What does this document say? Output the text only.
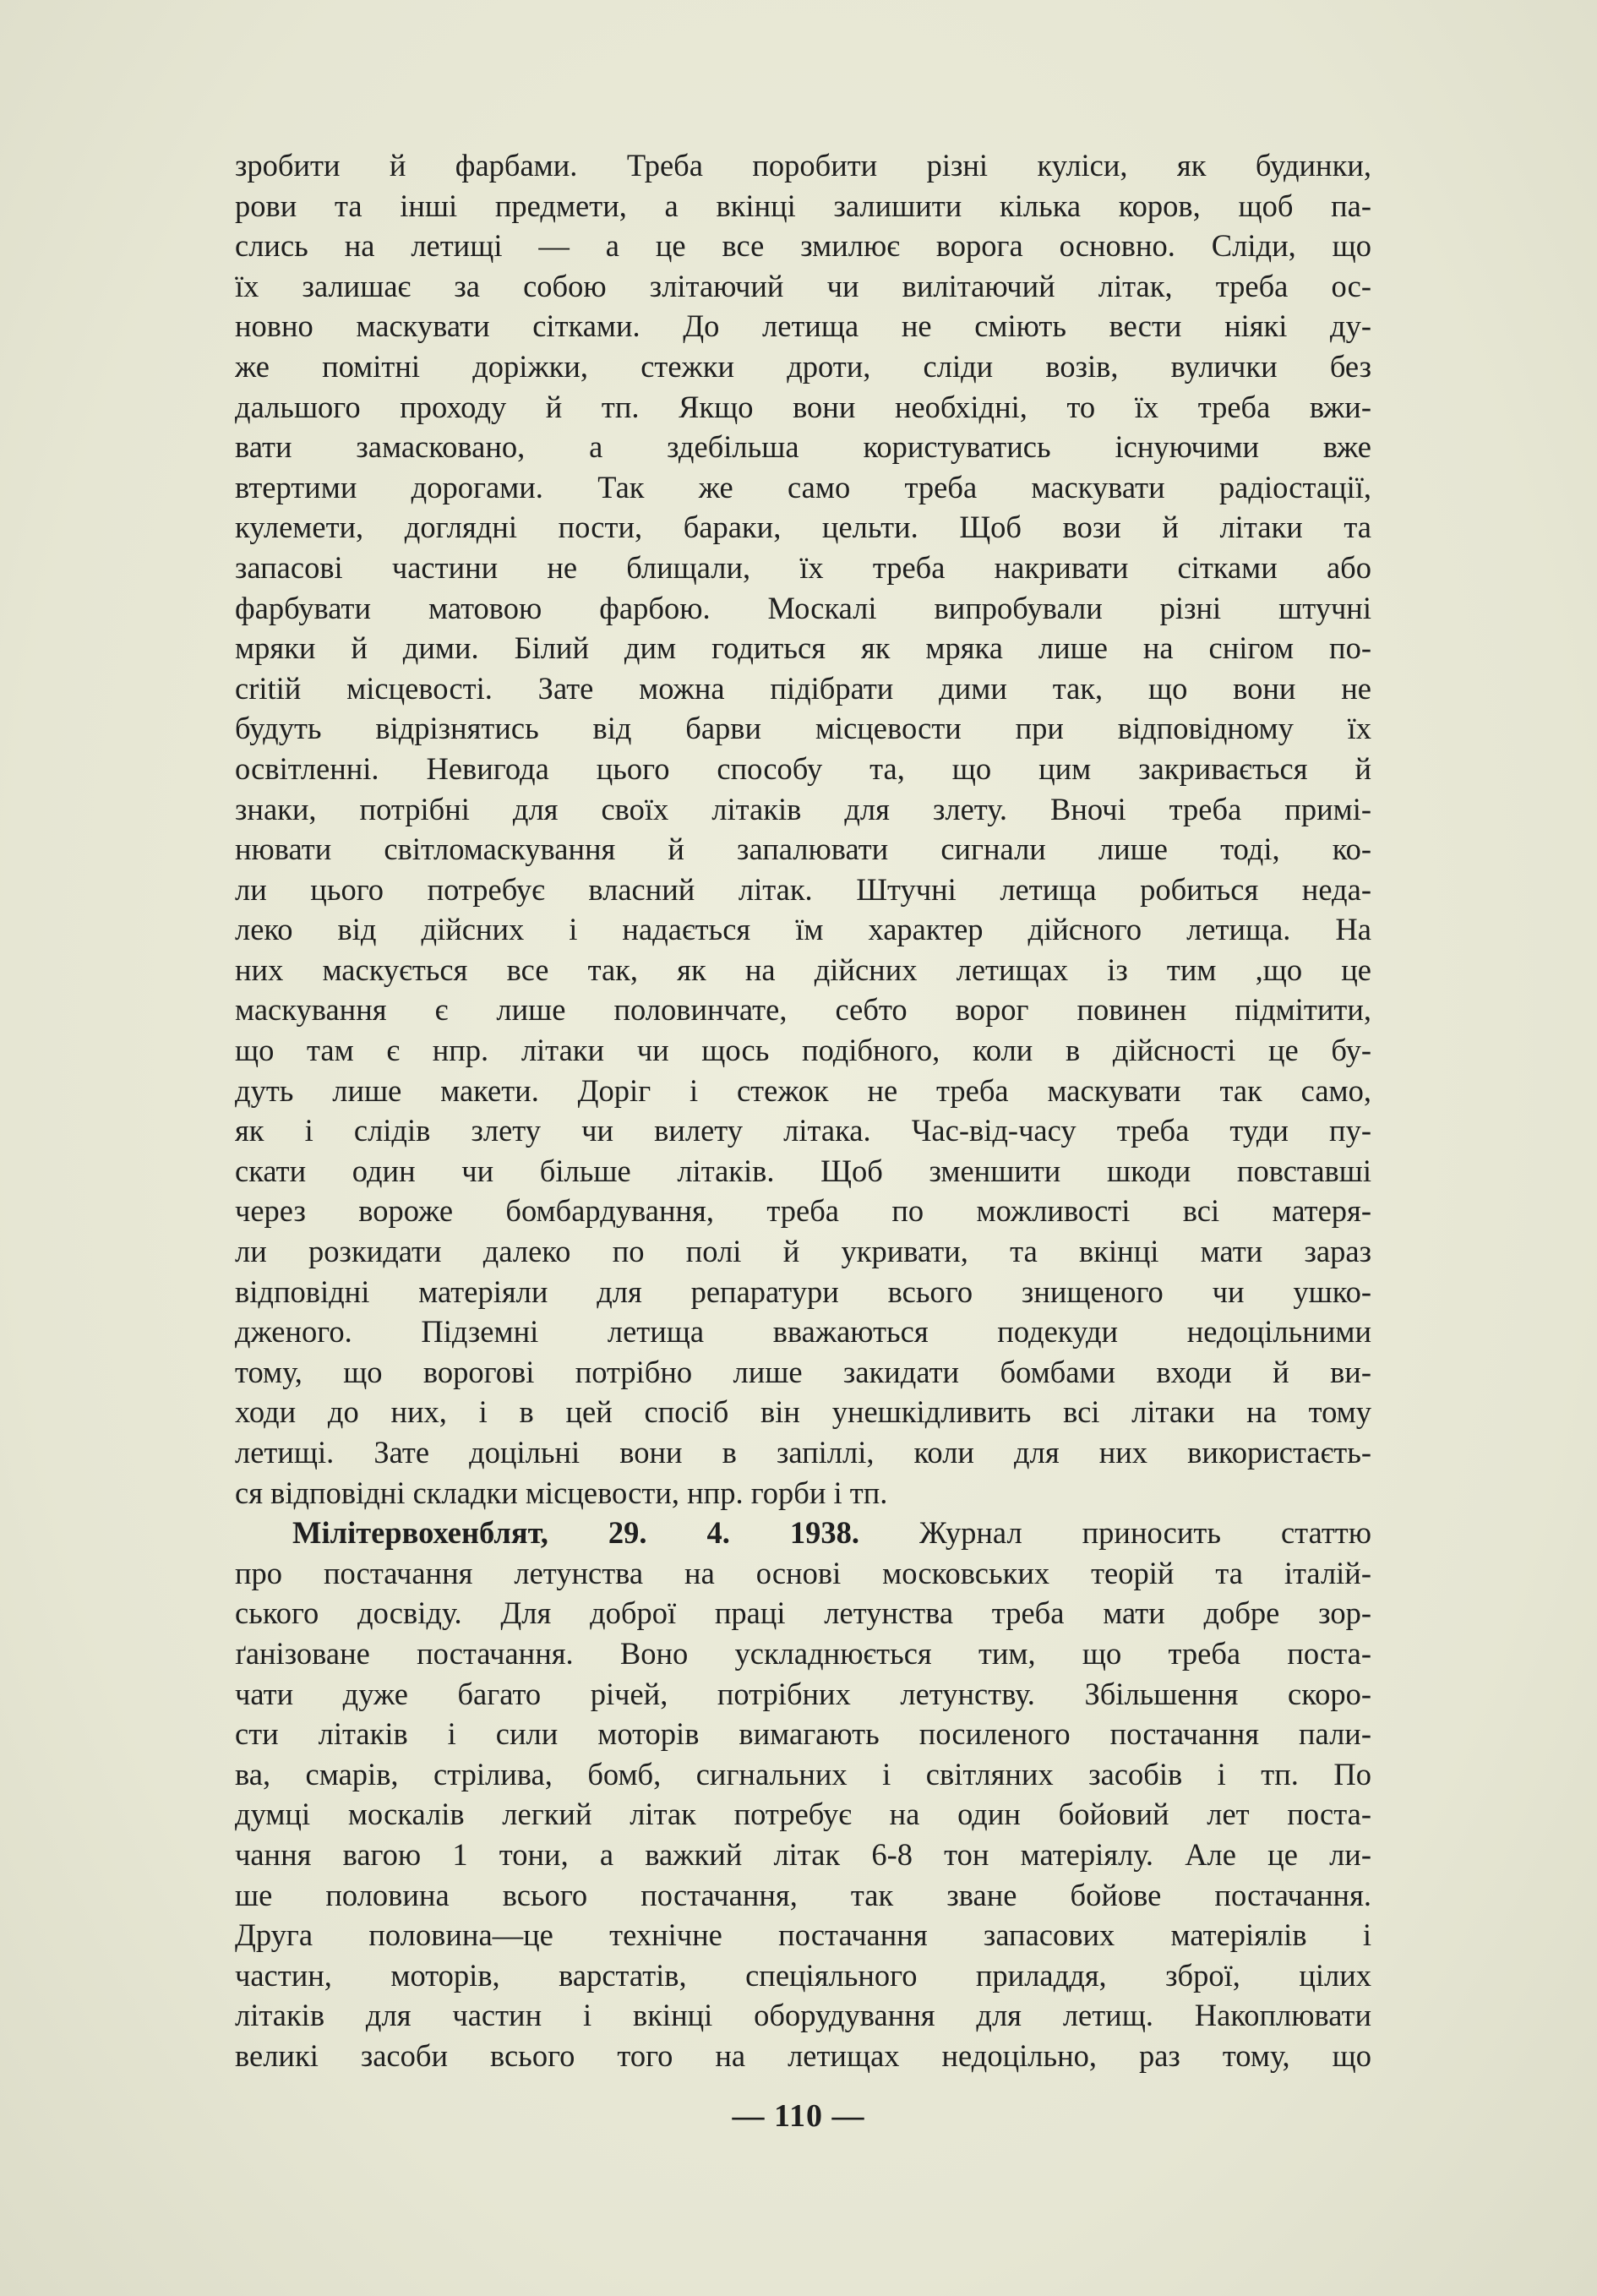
зробити й фарбами. Треба поробити різні куліси, як будинки,
рови та інші предмети, а вкінці залишити кілька коров, щоб па-
слись на летищі — а це все змилює ворога основно. Сліди, що
їх залишає за собою злітаючий чи вилітаючий літак, треба ос-
новно маскувати сітками. До летища не сміють вести ніякі ду-
же помітні доріжки, стежки дроти, сліди возів, вулички без
дальшого проходу й тп. Якщо вони необхідні, то їх треба вжи-
вати замасковано, а здебільша користуватись існуючими вже
втертими дорогами. Так же само треба маскувати радіостації,
кулемети, доглядні пости, бараки, цельти. Щоб вози й літаки та
запасові частини не блищали, їх треба накривати сітками або
фарбувати матовою фарбою. Москалі випробували різні штучні
мряки й дими. Білий дим годиться як мряка лише на снігом по-
critій місцевості. Зате можна підібрати дими так, що вони не
будуть відрізнятись від барви місцевости при відповідному їх
освітленні. Невигода цього способу та, що цим закривається й
знаки, потрібні для своїх літаків для злету. Вночі треба примі-
нювати світломаскування й запалювати сигнали лише тоді, ко-
ли цього потребує власний літак. Штучні летища робиться неда-
леко від дійсних і надається їм характер дійсного летища. На
них маскується все так, як на дійсних летищах із тим ,що це
маскування є лише половинчате, себто ворог повинен підмітити,
що там є нпр. літаки чи щось подібного, коли в дійсності це бу-
дуть лише макети. Доріг і стежок не треба маскувати так само,
як і слідів злету чи вилету літака. Час-від-часу треба туди пу-
скати один чи більше літаків. Щоб зменшити шкоди повставші
через вороже бомбардування, треба по можливості всі матеря-
ли розкидати далеко по полі й укривати, та вкінці мати зараз
відповідні матеріяли для репаратури всього знищеного чи ушко-
дженого. Підземні летища вважаються подекуди недоцільними
тому, що ворогові потрібно лише закидати бомбами входи й ви-
ходи до них, і в цей спосіб він унешкідливить всі літаки на тому
летищі. Зате доцільні вони в запіллі, коли для них використаєть-
ся відповідні складки місцевости, нпр. горби і тп.
Мілітервохенблят, 29. 4. 1938. Журнал приносить статтю
про постачання летунства на основі московських теорій та італій-
ського досвіду. Для доброї праці летунства треба мати добре зор-
ґанізоване постачання. Воно ускладнюється тим, що треба поста-
чати дуже багато річей, потрібних летунству. Збільшення скоро-
сти літаків і сили моторів вимагають посиленого постачання пали-
ва, смарів, стрілива, бомб, сигнальних і світляних засобів і тп. По
думці москалів легкий літак потребує на один бойовий лет поста-
чання вагою 1 тони, а важкий літак 6-8 тон матеріялу. Але це ли-
ше половина всього постачання, так зване бойове постачання.
Друга половина—це технічне постачання запасових матеріялів і
частин, моторів, варстатів, спеціяльного приладдя, зброї, цілих
літаків для частин і вкінці оборудування для летищ. Накоплювати
великі засоби всього того на летищах недоцільно, раз тому, що
— 110 —
